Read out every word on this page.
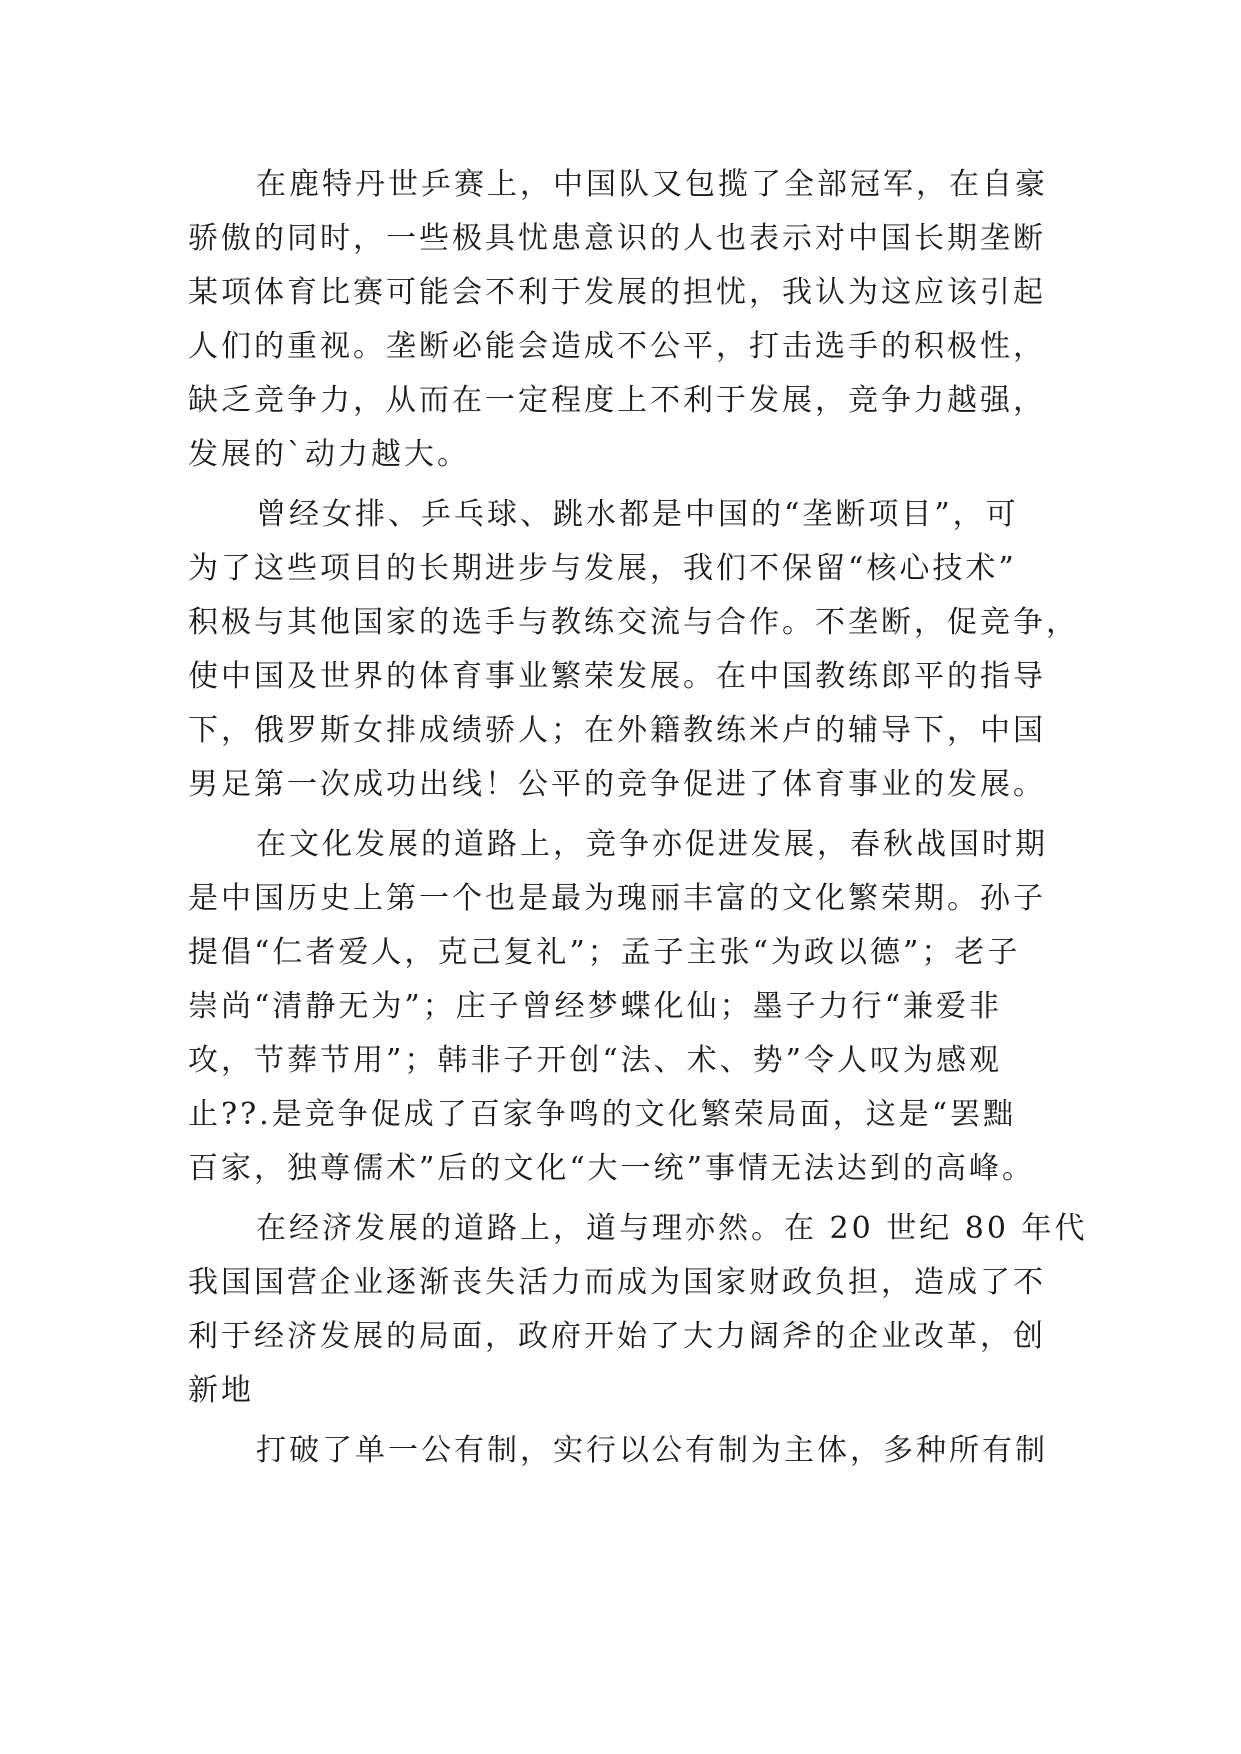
在鹿特丹世乒赛上，中国队又包揽了全部冠军，在自豪
骄傲的同时，一些极具忧患意识的人也表示对中国长期垄断
某项体育比赛可能会不利于发展的担忧，我认为这应该引起
人们的重视。垄断必能会造成不公平，打击选手的积极性，
缺乏竞争力，从而在一定程度上不利于发展，竞争力越强，
发展的`动力越大。
曾经女排、乒乓球、跳水都是中国的“垄断项目”，可
为了这些项目的长期进步与发展，我们不保留“核心技术”
积极与其他国家的选手与教练交流与合作。不垄断，促竞争，
使中国及世界的体育事业繁荣发展。在中国教练郎平的指导
下，俄罗斯女排成绩骄人；在外籍教练米卢的辅导下，中国
男足第一次成功出线！公平的竞争促进了体育事业的发展。
在文化发展的道路上，竞争亦促进发展，春秋战国时期
是中国历史上第一个也是最为瑰丽丰富的文化繁荣期。孙子
提倡“仁者爱人，克己复礼”；孟子主张“为政以德”；老子
崇尚“清静无为”；庄子曾经梦蝶化仙；墨子力行“兼爱非
攻，节葬节用”；韩非子开创“法、术、势”令人叹为感观
止??.是竞争促成了百家争鸣的文化繁荣局面，这是“罢黜
百家，独尊儒术”后的文化“大一统”事情无法达到的高峰。
在经济发展的道路上，道与理亦然。在 20 世纪 80 年代
我国国营企业逐渐丧失活力而成为国家财政负担，造成了不
利于经济发展的局面，政府开始了大力阔斧的企业改革，创
新地
打破了单一公有制，实行以公有制为主体，多种所有制
